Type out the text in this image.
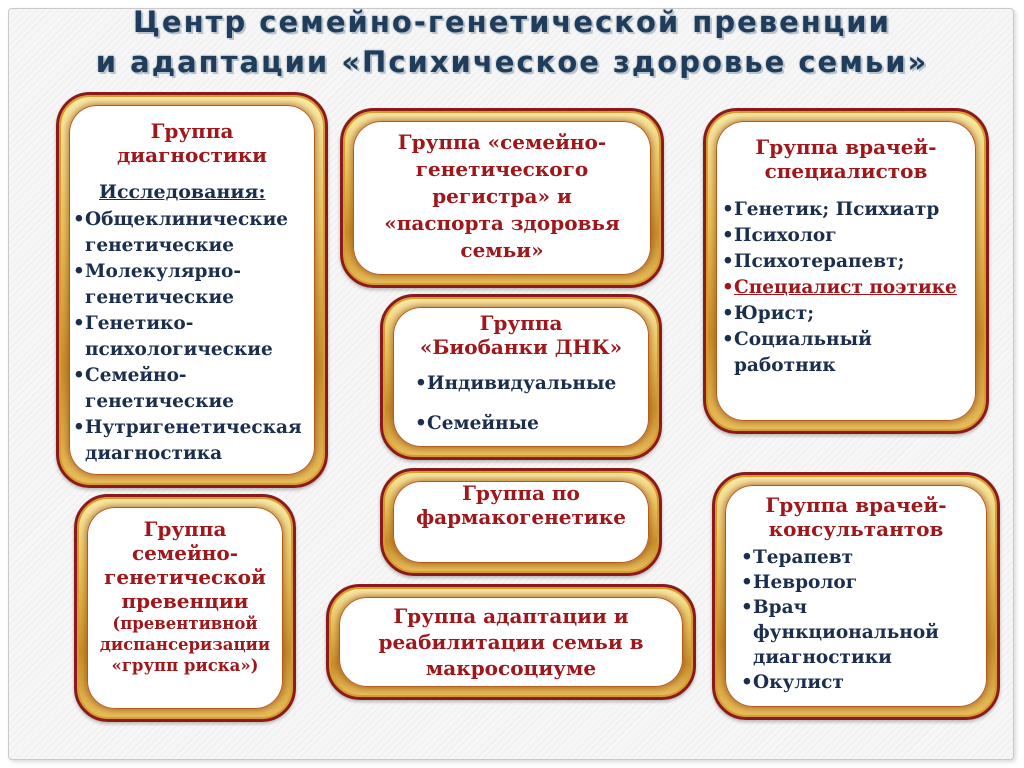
Центр семейно-генетической превенции
и адаптации «Психическое здоровье семьи»
Группа
диагностики
Исследования:
• Общеклинические
генетические
• Молекулярно-
генетические
• Генетико-
психологические
• Семейно-
генетические
• Нутригенетическая
диагностика
Группа «семейно-
генетического
регистра» и
«паспорта здоровья
семьи»
Группа врачей-
специалистов
• Генетик; Психиатр
• Психолог
• Психотерапевт;
• Специалист поэтике
• Юрист;
• Социальный
работник
Группа
«Биобанки ДНК»
• Индивидуальные
• Семейные
Группа по
фармакогенетике
Группа
семейно-
генетической
превенции
(превентивной
диспансеризации
«групп риска»)
Группа адаптации и
реабилитации семьи в
макросоциуме
Группа врачей-
консультантов
• Терапевт
• Невролог
• Врач
функциональной
диагностики
• Окулист
